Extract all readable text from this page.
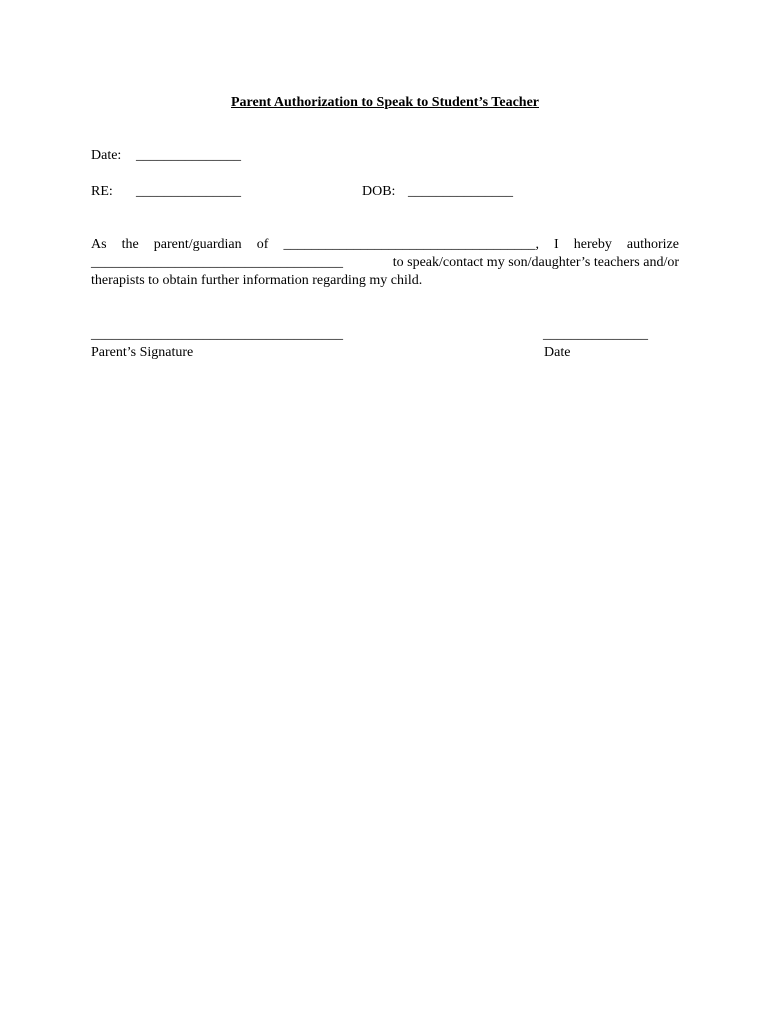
Parent Authorization to Speak to Student’s Teacher
Date: _______________
RE: _______________	DOB: _______________
As the parent/guardian of ____________________________________, I hereby authorize
____________________________________	to speak/contact my son/daughter’s teachers and/or
therapists to obtain further information regarding my child.
____________________________________	_______________
Parent’s Signature	Date
